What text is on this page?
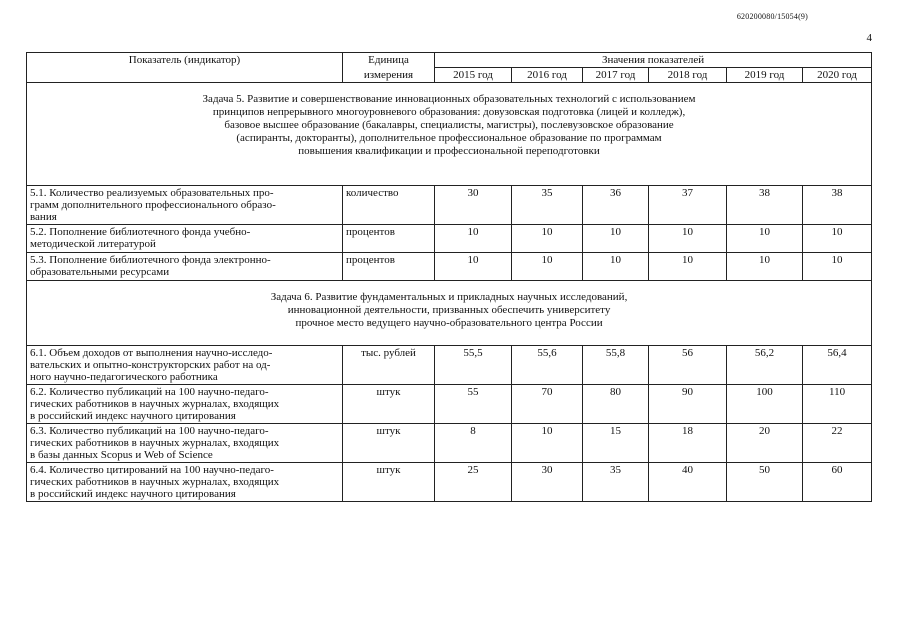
620200080/15054(9)
4
Показатель (индикатор)	Единица	Значения показателей					
	измерения	2015 год	2016 год	2017 год	2018 год	2019 год	2020 год

Задача 5. Развитие и совершенствование инновационных образовательных технологий с использованием
принципов непрерывного многоуровневого образования: довузовская подготовка (лицей и колледж),
базовое высшее образование (бакалавры, специалисты, магистры), послевузовское образование
(аспиранты, докторанты), дополнительное профессиональное образование по программам
повышения квалификации и профессиональной переподготовки							

5.1. Количество реализуемых образовательных про-
грамм дополнительного профессионального образо-
вания	количество	30	35	36	37	38	38

5.2. Пополнение библиотечного фонда учебно-
методической литературой	процентов	10	10	10	10	10	10

5.3. Пополнение библиотечного фонда электронно-
образовательными ресурсами	процентов	10	10	10	10	10	10

Задача 6. Развитие фундаментальных и прикладных научных исследований,
инновационной деятельности, призванных обеспечить университету
прочное место ведущего научно-образовательного центра России							

6.1. Объем доходов от выполнения научно-исследо-
вательских и опытно-конструкторских работ на од-
ного научно-педагогического работника	тыс. рублей	55,5	55,6	55,8	56	56,2	56,4

6.2. Количество публикаций на 100 научно-педаго-
гических работников в научных журналах, входящих
в российский индекс научного цитирования	штук	55	70	80	90	100	110

6.3. Количество публикаций на 100 научно-педаго-
гических работников в научных журналах, входящих
в базы данных Scopus и Web of Science	штук	8	10	15	18	20	22

6.4. Количество цитирований на 100 научно-педаго-
гических работников в научных журналах, входящих
в российский индекс научного цитирования	штук	25	30	35	40	50	60
